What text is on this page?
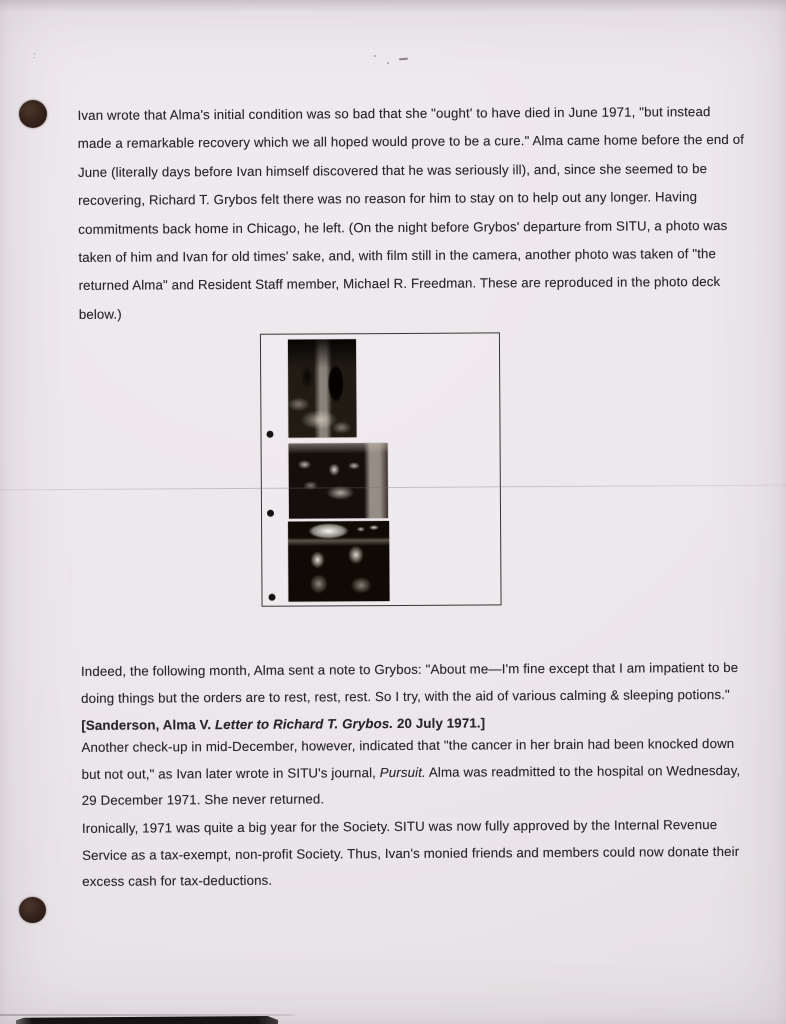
:
Ivan wrote that Alma's initial condition was so bad that she "ought' to have died in June 1971, "but instead
made a remarkable recovery which we all hoped would prove to be a cure." Alma came home before the end of
June (literally days before Ivan himself discovered that he was seriously ill), and, since she seemed to be
recovering, Richard T. Grybos felt there was no reason for him to stay on to help out any longer. Having
commitments back home in Chicago, he left. (On the night before Grybos' departure from SITU, a photo was
taken of him and Ivan for old times' sake, and, with film still in the camera, another photo was taken of "the
returned Alma" and Resident Staff member, Michael R. Freedman. These are reproduced in the photo deck
below.)
Indeed, the following month, Alma sent a note to Grybos: "About me—I'm fine except that I am impatient to be
doing things but the orders are to rest, rest, rest. So I try, with the aid of various calming & sleeping potions."
[Sanderson, Alma V. Letter to Richard T. Grybos. 20 July 1971.]
Another check-up in mid-December, however, indicated that "the cancer in her brain had been knocked down
but not out," as Ivan later wrote in SITU's journal, Pursuit. Alma was readmitted to the hospital on Wednesday,
29 December 1971. She never returned.
Ironically, 1971 was quite a big year for the Society. SITU was now fully approved by the Internal Revenue
Service as a tax-exempt, non-profit Society. Thus, Ivan's monied friends and members could now donate their
excess cash for tax-deductions.
